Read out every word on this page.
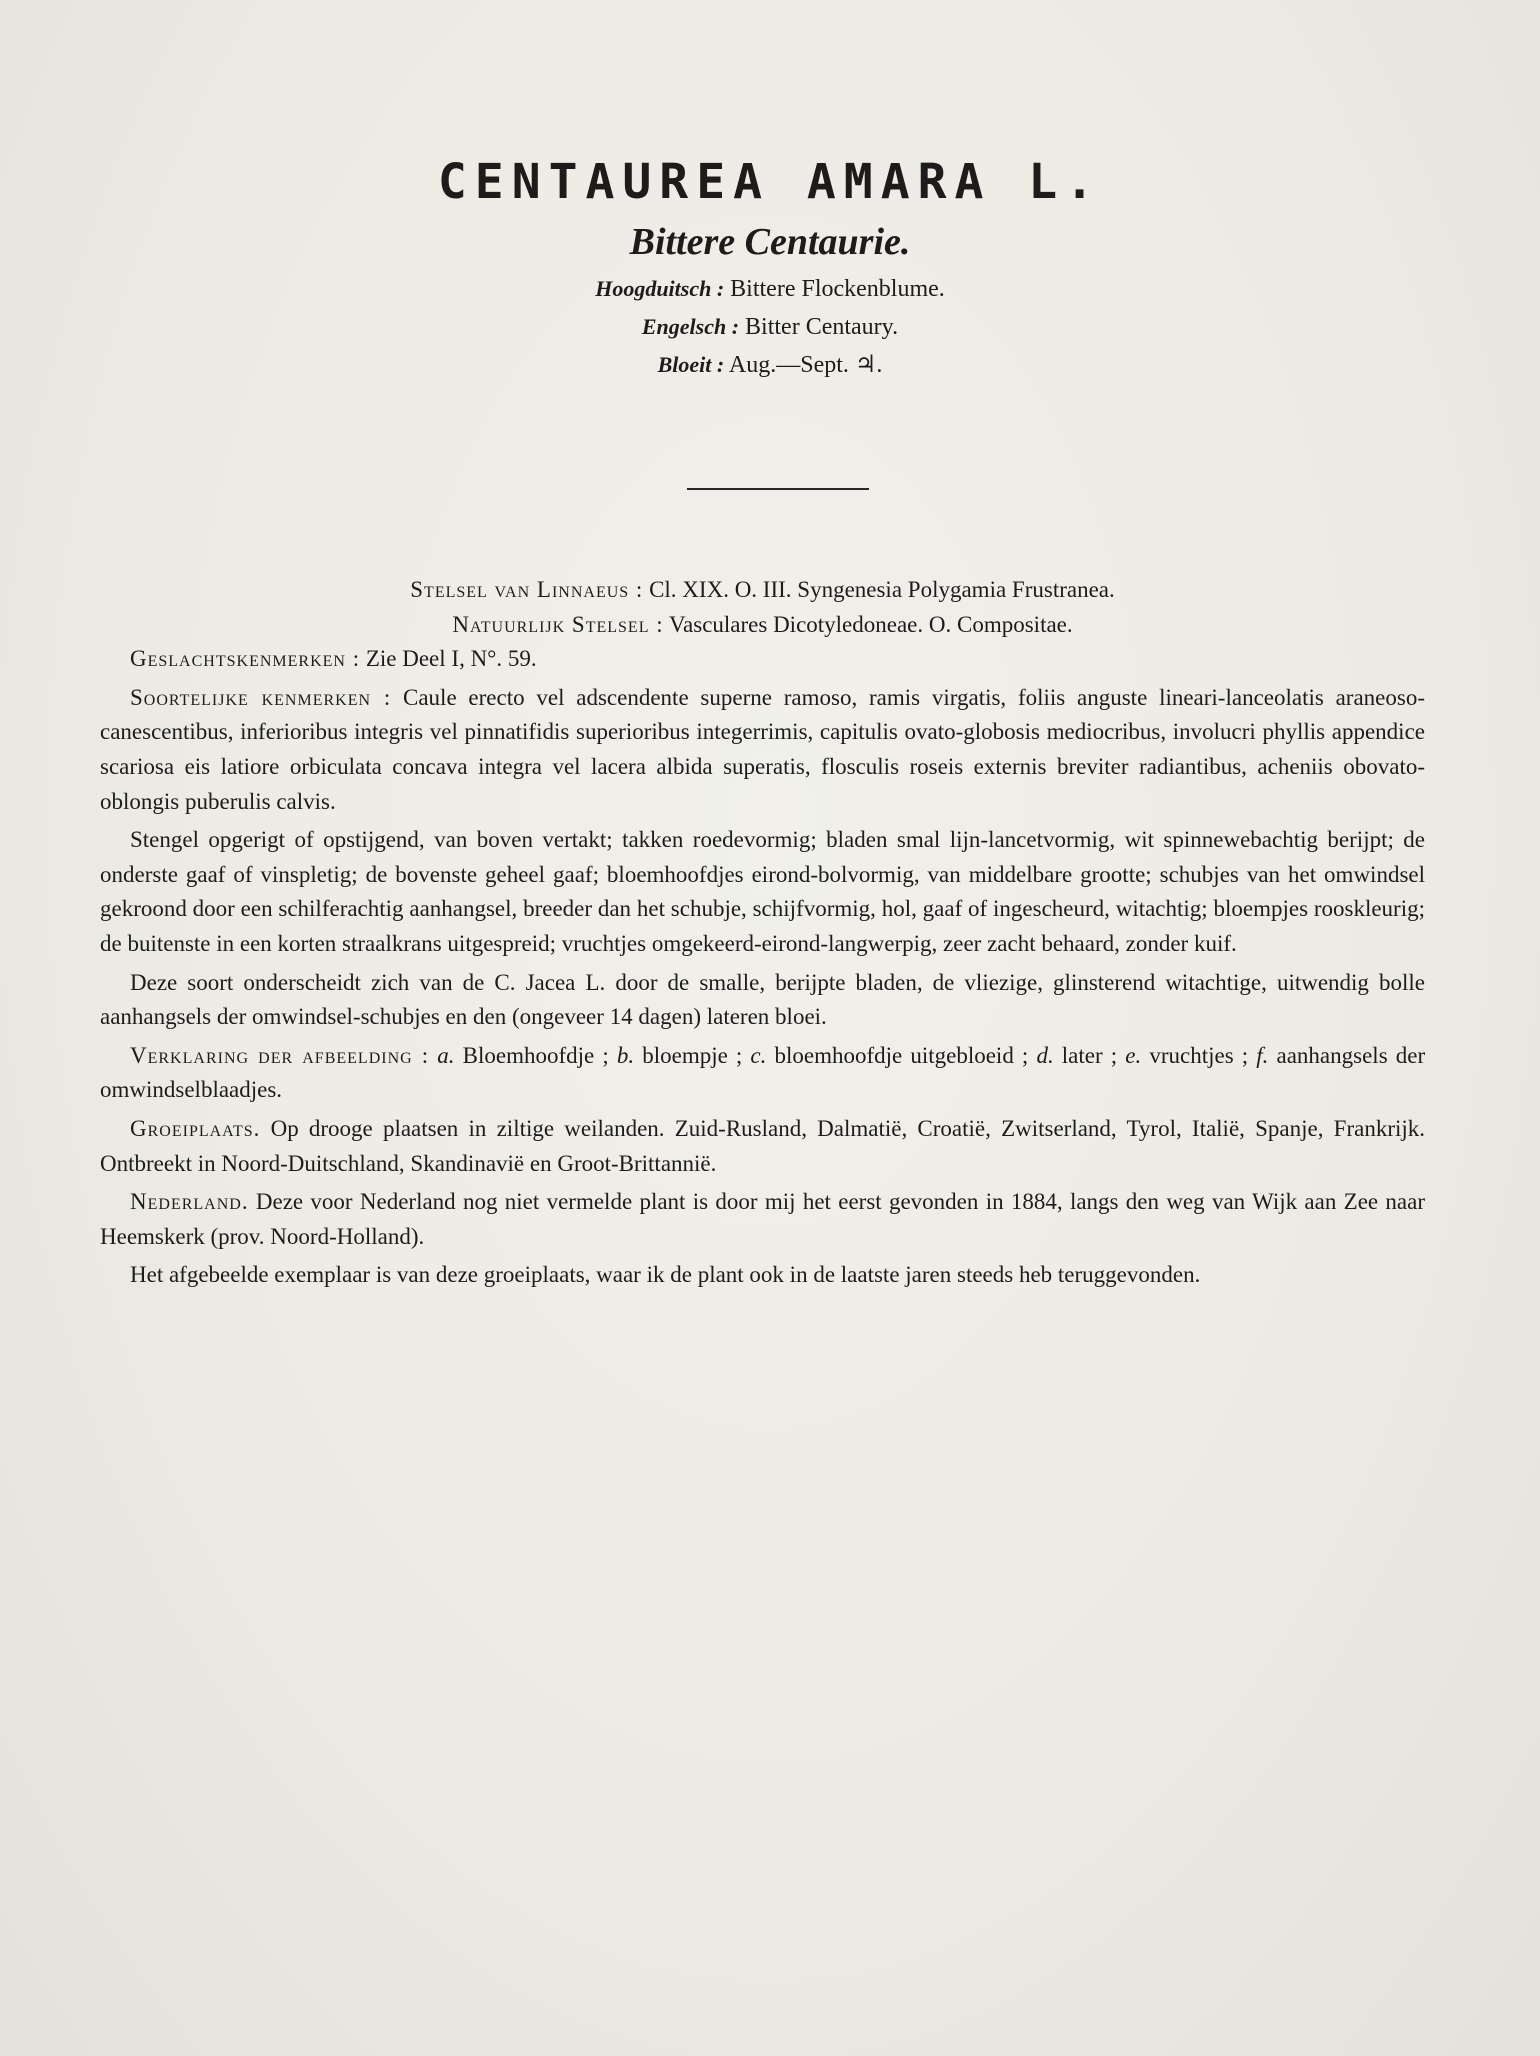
CENTAUREA AMARA L.

Bittere Centaurie.

Hoogduitsch : Bittere Flockenblume.

Engelsch : Bitter Centaury.

Bloeit : Aug.—Sept. ♃.

Stelsel van Linnaeus : Cl. XIX. O. III. Syngenesia Polygamia Frustranea.

Natuurlijk Stelsel : Vasculares Dicotyledoneae. O. Compositae.

Geslachtskenmerken : Zie Deel I, N°. 59.

Soortelijke kenmerken : Caule erecto vel adscendente superne ramoso, ramis virgatis, foliis anguste lineari-lanceolatis araneoso-canescentibus, inferioribus integris vel pinnatifidis superioribus integerrimis, capitulis ovato-globosis mediocribus, involucri phyllis appendice scariosa eis latiore orbiculata concava integra vel lacera albida superatis, flosculis roseis externis breviter radiantibus, acheniis obovato-oblongis puberulis calvis.

Stengel opgerigt of opstijgend, van boven vertakt; takken roedevormig; bladen smal lijn-lancetvormig, wit spinnewebachtig berijpt; de onderste gaaf of vinspletig; de bovenste geheel gaaf; bloemhoofdjes eirond-bolvormig, van middelbare grootte; schubjes van het omwindsel gekroond door een schilferachtig aanhangsel, breeder dan het schubje, schijfvormig, hol, gaaf of ingescheurd, witachtig; bloempjes rooskleurig; de buitenste in een korten straalkrans uitgespreid; vruchtjes omgekeerd-eirond-langwerpig, zeer zacht behaard, zonder kuif.

Deze soort onderscheidt zich van de C. Jacea L. door de smalle, berijpte bladen, de vliezige, glinsterend witachtige, uitwendig bolle aanhangsels der omwindsel-schubjes en den (ongeveer 14 dagen) lateren bloei.

Verklaring der afbeelding : a. Bloemhoofdje ; b. bloempje ; c. bloemhoofdje uitgebloeid ; d. later ; e. vruchtjes ; f. aanhangsels der omwindselblaadjes.

Groeiplaats. Op drooge plaatsen in ziltige weilanden. Zuid-Rusland, Dalmatië, Croatië, Zwitserland, Tyrol, Italië, Spanje, Frankrijk. Ontbreekt in Noord-Duitschland, Skandinavië en Groot-Brittannië.

Nederland. Deze voor Nederland nog niet vermelde plant is door mij het eerst gevonden in 1884, langs den weg van Wijk aan Zee naar Heemskerk (prov. Noord-Holland).

Het afgebeelde exemplaar is van deze groeiplaats, waar ik de plant ook in de laatste jaren steeds heb teruggevonden.
